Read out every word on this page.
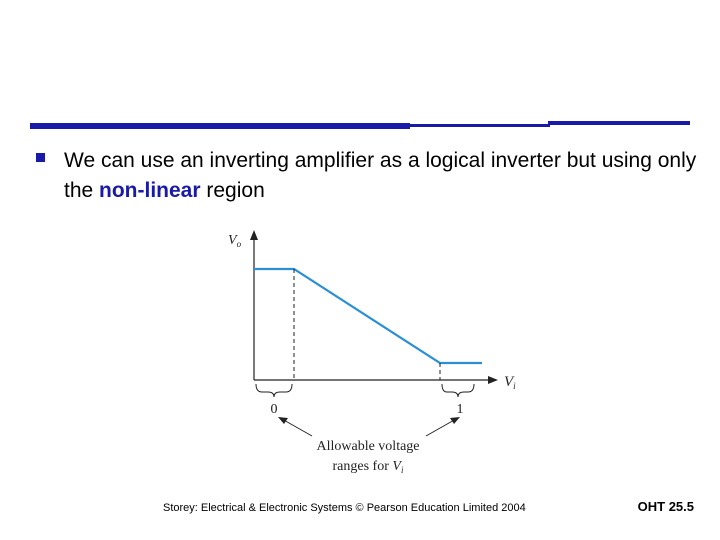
We can use an inverting amplifier as a logical inverter but using only the non-linear region
$V_o$
$V_i$
0	1
Allowable voltage
ranges for $V_i$
Storey: Electrical & Electronic Systems © Pearson Education Limited 2004	OHT 25.5
